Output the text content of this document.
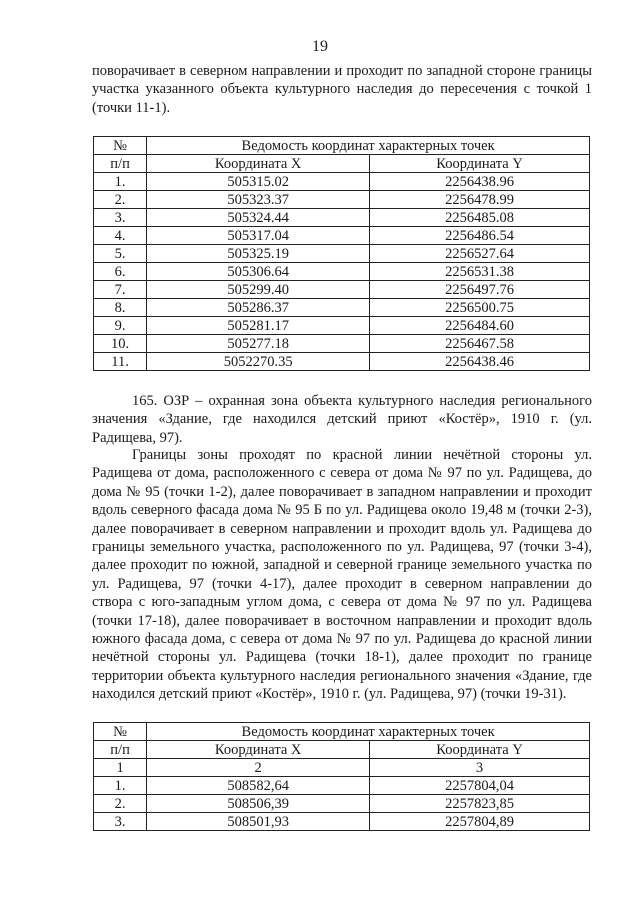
19

поворачивает в северном направлении и проходит по западной стороне границы участка указанного объекта культурного наследия до пересечения с точкой 1 (точки 11-1).

№	Ведомость координат характерных точек	
п/п	Координата X	Координата Y
1.	505315.02	2256438.96
2.	505323.37	2256478.99
3.	505324.44	2256485.08
4.	505317.04	2256486.54
5.	505325.19	2256527.64
6.	505306.64	2256531.38
7.	505299.40	2256497.76
8.	505286.37	2256500.75
9.	505281.17	2256484.60
10.	505277.18	2256467.58
11.	5052270.35	2256438.46

165. ОЗР – охранная зона объекта культурного наследия регионального значения «Здание, где находился детский приют «Костёр», 1910 г. (ул. Радищева, 97).

Границы зоны проходят по красной линии нечётной стороны ул. Радищева от дома, расположенного с севера от дома № 97 по ул. Радищева, до дома № 95 (точки 1-2), далее поворачивает в западном направлении и проходит вдоль северного фасада дома № 95 Б по ул. Радищева около 19,48 м (точки 2-3), далее поворачивает в северном направлении и проходит вдоль ул. Радищева до границы земельного участка, расположенного по ул. Радищева, 97 (точки 3-4), далее проходит по южной, западной и северной границе земельного участка по ул. Радищева, 97 (точки 4-17), далее проходит в северном направлении до створа с юго-западным углом дома, с севера от дома № 97 по ул. Радищева (точки 17-18), далее поворачивает в восточном направлении и проходит вдоль южного фасада дома, с севера от дома № 97 по ул. Радищева до красной линии нечётной стороны ул. Радищева (точки 18-1), далее проходит по границе территории объекта культурного наследия регионального значения «Здание, где находился детский приют «Костёр», 1910 г. (ул. Радищева, 97) (точки 19-31).

№	Ведомость координат характерных точек	
п/п	Координата X	Координата Y
1	2	3
1.	508582,64	2257804,04
2.	508506,39	2257823,85
3.	508501,93	2257804,89
